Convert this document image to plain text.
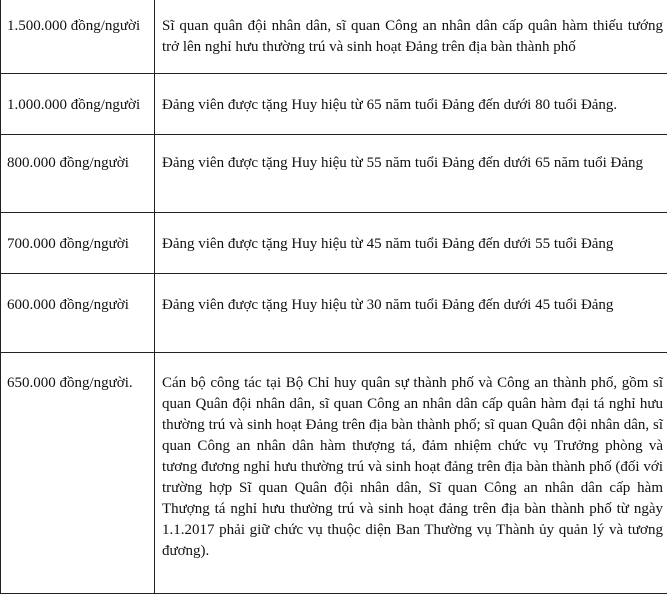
1.500.000 đồng/người	Sĩ quan quân đội nhân dân, sĩ quan Công an nhân dân cấp quân hàm thiếu tướng trở lên nghỉ hưu thường trú và sinh hoạt Đảng trên địa bàn thành phố

1.000.000 đồng/người	Đảng viên được tặng Huy hiệu từ 65 năm tuổi Đảng đến dưới 80 tuổi Đảng.

800.000 đồng/người	Đảng viên được tặng Huy hiệu từ 55 năm tuổi Đảng đến dưới 65 năm tuổi Đảng

700.000 đồng/người	Đảng viên được tặng Huy hiệu từ 45 năm tuổi Đảng đến dưới 55 tuổi Đảng

600.000 đồng/người	Đảng viên được tặng Huy hiệu từ 30 năm tuổi Đảng đến dưới 45 tuổi Đảng

650.000 đồng/người.	Cán bộ công tác tại Bộ Chỉ huy quân sự thành phố và Công an thành phố, gồm sĩ quan Quân đội nhân dân, sĩ quan Công an nhân dân cấp quân hàm đại tá nghỉ hưu thường trú và sinh hoạt Đảng trên địa bàn thành phố; sĩ quan Quân đội nhân dân, sĩ quan Công an nhân dân hàm thượng tá, đảm nhiệm chức vụ Trưởng phòng và tương đương nghỉ hưu thường trú và sinh hoạt đảng trên địa bàn thành phố (đối với trường hợp Sĩ quan Quân đội nhân dân, Sĩ quan Công an nhân dân cấp hàm Thượng tá nghỉ hưu thường trú và sinh hoạt đảng trên địa bàn thành phố từ ngày 1.1.2017 phải giữ chức vụ thuộc diện Ban Thường vụ Thành ủy quản lý và tương đương).
